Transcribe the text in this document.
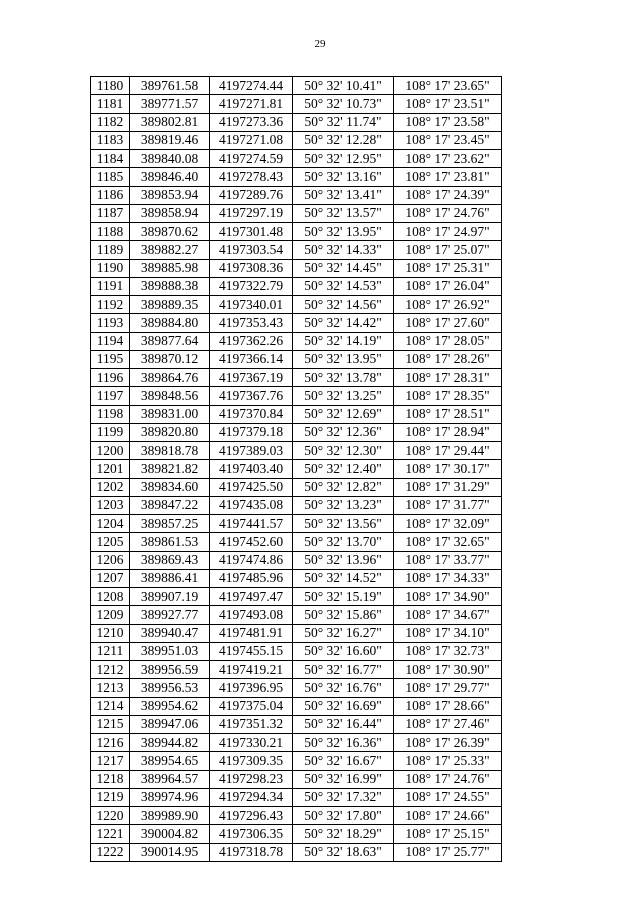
29
1180	389761.58	4197274.44	50° 32' 10.41"	108° 17' 23.65"
1181	389771.57	4197271.81	50° 32' 10.73"	108° 17' 23.51"
1182	389802.81	4197273.36	50° 32' 11.74"	108° 17' 23.58"
1183	389819.46	4197271.08	50° 32' 12.28"	108° 17' 23.45"
1184	389840.08	4197274.59	50° 32' 12.95"	108° 17' 23.62"
1185	389846.40	4197278.43	50° 32' 13.16"	108° 17' 23.81"
1186	389853.94	4197289.76	50° 32' 13.41"	108° 17' 24.39"
1187	389858.94	4197297.19	50° 32' 13.57"	108° 17' 24.76"
1188	389870.62	4197301.48	50° 32' 13.95"	108° 17' 24.97"
1189	389882.27	4197303.54	50° 32' 14.33"	108° 17' 25.07"
1190	389885.98	4197308.36	50° 32' 14.45"	108° 17' 25.31"
1191	389888.38	4197322.79	50° 32' 14.53"	108° 17' 26.04"
1192	389889.35	4197340.01	50° 32' 14.56"	108° 17' 26.92"
1193	389884.80	4197353.43	50° 32' 14.42"	108° 17' 27.60"
1194	389877.64	4197362.26	50° 32' 14.19"	108° 17' 28.05"
1195	389870.12	4197366.14	50° 32' 13.95"	108° 17' 28.26"
1196	389864.76	4197367.19	50° 32' 13.78"	108° 17' 28.31"
1197	389848.56	4197367.76	50° 32' 13.25"	108° 17' 28.35"
1198	389831.00	4197370.84	50° 32' 12.69"	108° 17' 28.51"
1199	389820.80	4197379.18	50° 32' 12.36"	108° 17' 28.94"
1200	389818.78	4197389.03	50° 32' 12.30"	108° 17' 29.44"
1201	389821.82	4197403.40	50° 32' 12.40"	108° 17' 30.17"
1202	389834.60	4197425.50	50° 32' 12.82"	108° 17' 31.29"
1203	389847.22	4197435.08	50° 32' 13.23"	108° 17' 31.77"
1204	389857.25	4197441.57	50° 32' 13.56"	108° 17' 32.09"
1205	389861.53	4197452.60	50° 32' 13.70"	108° 17' 32.65"
1206	389869.43	4197474.86	50° 32' 13.96"	108° 17' 33.77"
1207	389886.41	4197485.96	50° 32' 14.52"	108° 17' 34.33"
1208	389907.19	4197497.47	50° 32' 15.19"	108° 17' 34.90"
1209	389927.77	4197493.08	50° 32' 15.86"	108° 17' 34.67"
1210	389940.47	4197481.91	50° 32' 16.27"	108° 17' 34.10"
1211	389951.03	4197455.15	50° 32' 16.60"	108° 17' 32.73"
1212	389956.59	4197419.21	50° 32' 16.77"	108° 17' 30.90"
1213	389956.53	4197396.95	50° 32' 16.76"	108° 17' 29.77"
1214	389954.62	4197375.04	50° 32' 16.69"	108° 17' 28.66"
1215	389947.06	4197351.32	50° 32' 16.44"	108° 17' 27.46"
1216	389944.82	4197330.21	50° 32' 16.36"	108° 17' 26.39"
1217	389954.65	4197309.35	50° 32' 16.67"	108° 17' 25.33"
1218	389964.57	4197298.23	50° 32' 16.99"	108° 17' 24.76"
1219	389974.96	4197294.34	50° 32' 17.32"	108° 17' 24.55"
1220	389989.90	4197296.43	50° 32' 17.80"	108° 17' 24.66"
1221	390004.82	4197306.35	50° 32' 18.29"	108° 17' 25.15"
1222	390014.95	4197318.78	50° 32' 18.63"	108° 17' 25.77"
